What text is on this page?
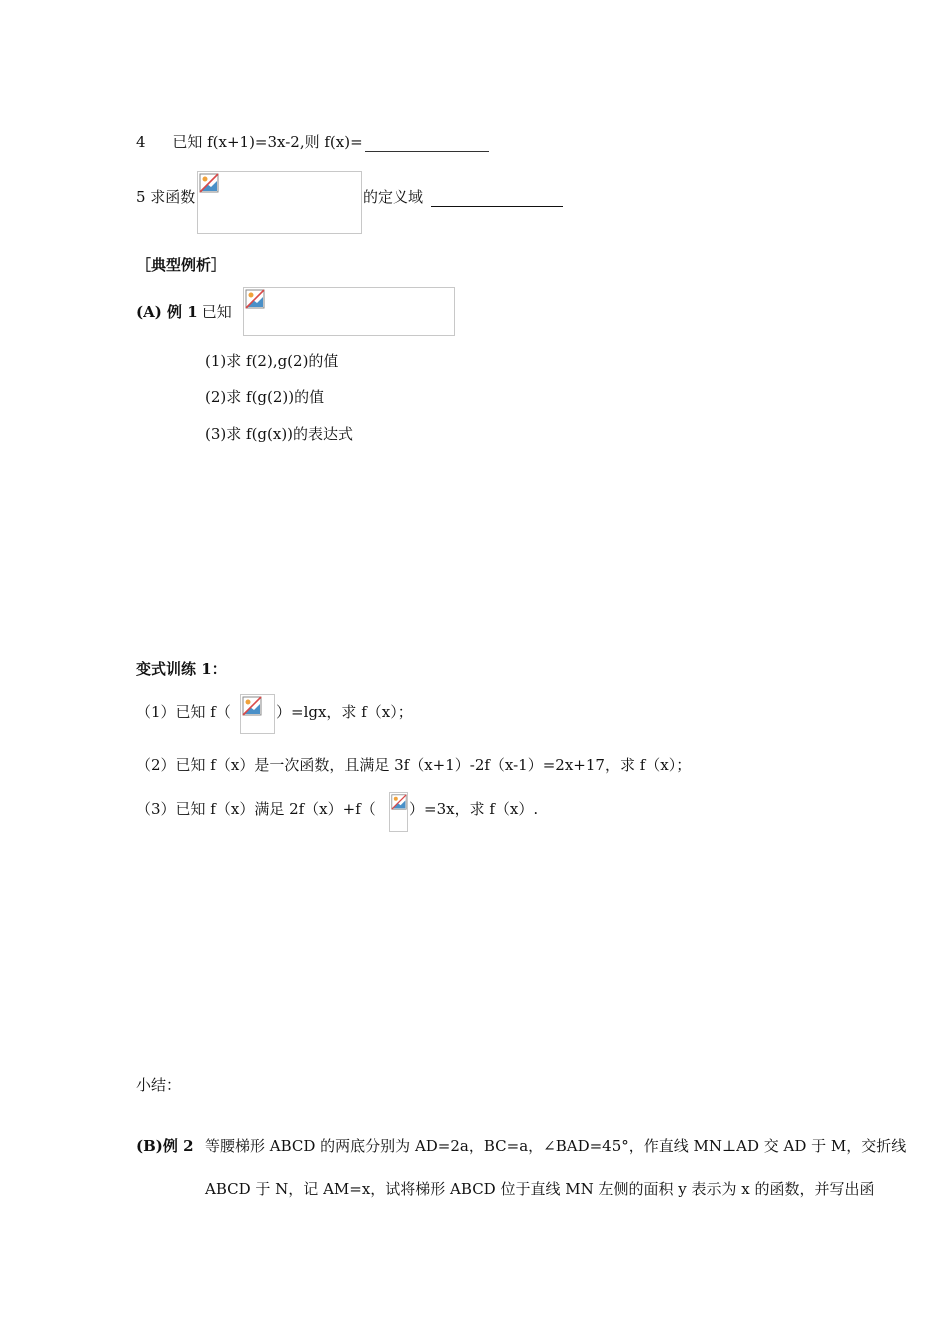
4 已知 f(x+1)=3x-2,则 f(x)=
5 求函数	的定义域
［典型例析］
(A) 例 1 已知
(1)求 f(2),g(2)的值
(2)求 f(g(2))的值
(3)求 f(g(x))的表达式
变式训练 1：
（1）已知 f（	）=lgx，求 f（x）；
（2）已知 f（x）是一次函数，且满足 3f（x+1）-2f（x-1）=2x+17，求 f（x）；
（3）已知 f（x）满足 2f（x）+f（ ）=3x，求 f（x）.
小结：
(B)例 2 等腰梯形 ABCD 的两底分别为 AD=2a，BC=a，∠BAD=45°，作直线 MN⊥AD 交 AD 于 M，交折线
ABCD 于 N，记 AM=x，试将梯形 ABCD 位于直线 MN 左侧的面积 y 表示为 x 的函数，并写出函
